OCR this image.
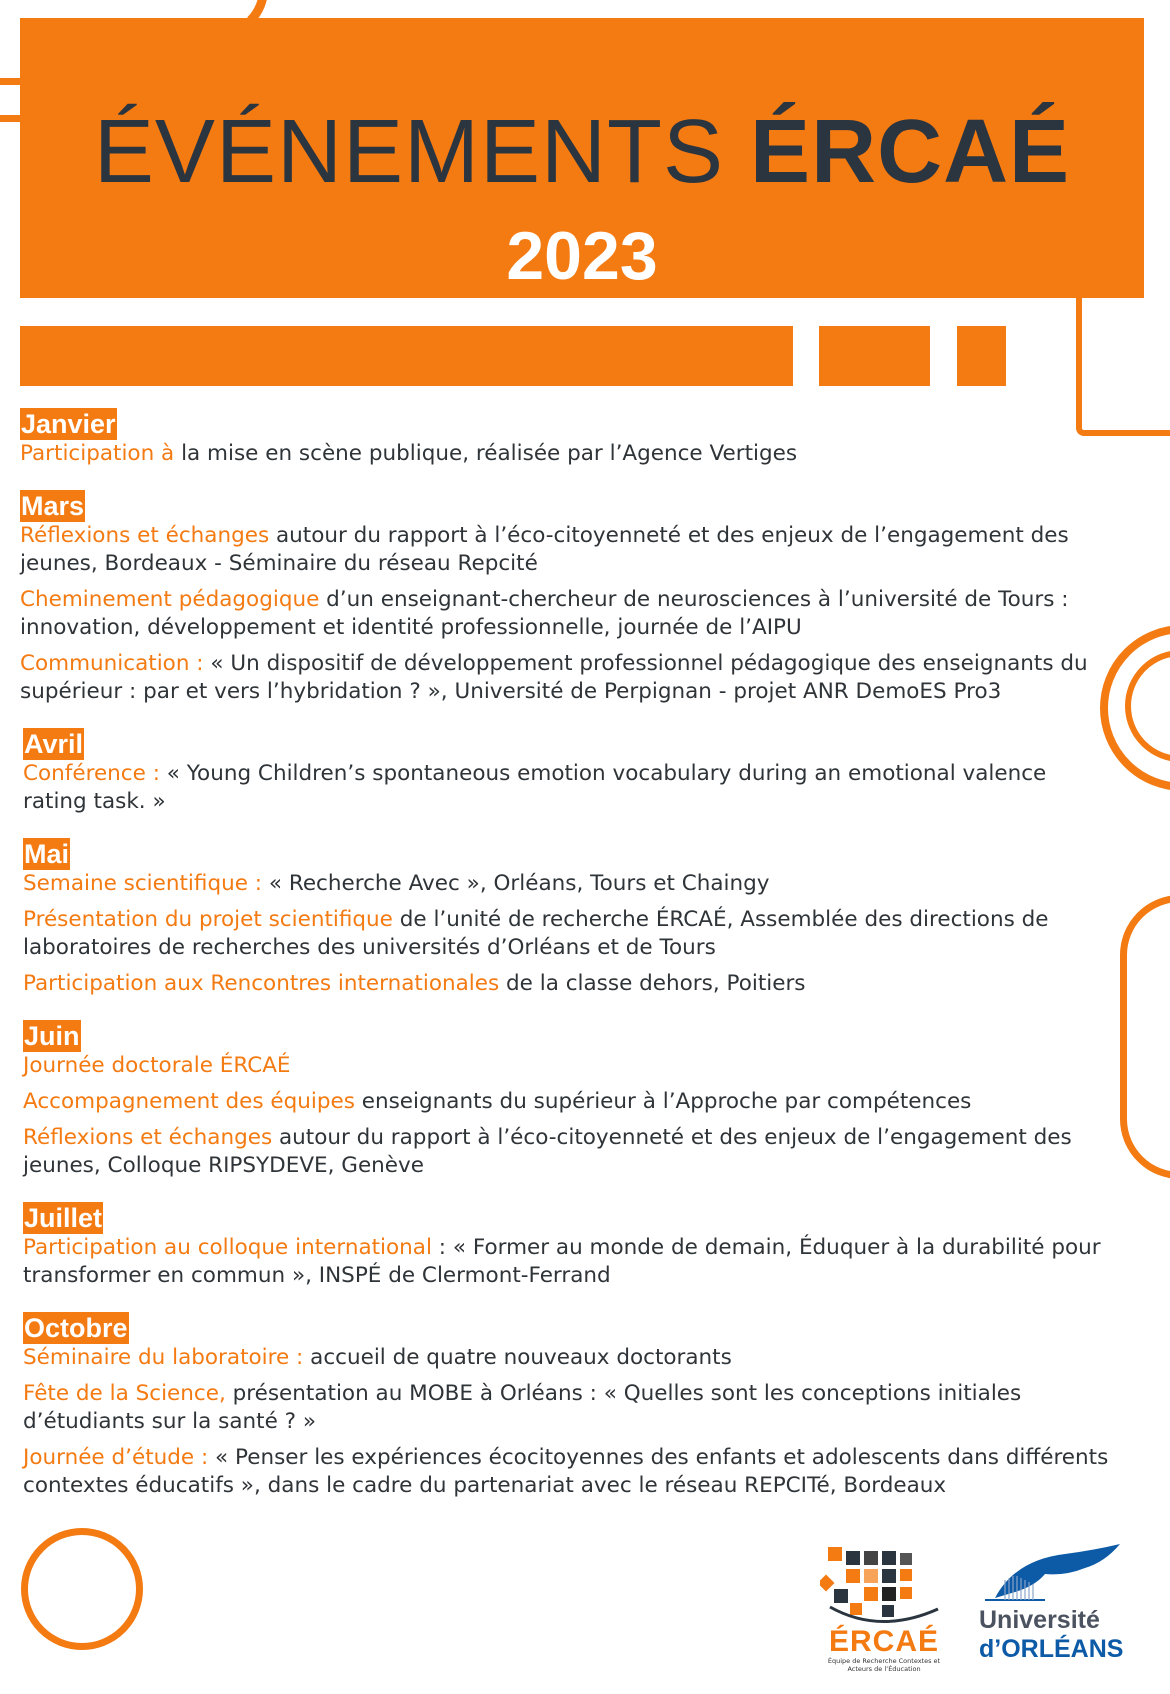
ÉVÉNEMENTS ÉRCAÉ
2023
Janvier

Participation à la mise en scène publique, réalisée par l’Agence Vertiges

Mars

Réflexions et échanges autour du rapport à l’éco-citoyenneté et des enjeux de l’engagement des jeunes, Bordeaux - Séminaire du réseau Repcité

Cheminement pédagogique d’un enseignant-chercheur de neurosciences à l’université de Tours : innovation, développement et identité professionnelle, journée de l’AIPU

Communication : « Un dispositif de développement professionnel pédagogique des enseignants du supérieur : par et vers l’hybridation ? », Université de Perpignan - projet ANR DemoES Pro3

Avril

Conférence : « Young Children’s spontaneous emotion vocabulary during an emotional valence rating task. »

Mai

Semaine scientifique : « Recherche Avec », Orléans, Tours et Chaingy

Présentation du projet scientifique de l’unité de recherche ÉRCAÉ, Assemblée des directions de laboratoires de recherches des universités d’Orléans et de Tours

Participation aux Rencontres internationales de la classe dehors, Poitiers

Juin

Journée doctorale ÉRCAÉ

Accompagnement des équipes enseignants du supérieur à l’Approche par compétences

Réflexions et échanges autour du rapport à l’éco-citoyenneté et des enjeux de l’engagement des jeunes, Colloque RIPSYDEVE, Genève

Juillet

Participation au colloque international : « Former au monde de demain, Éduquer à la durabilité pour transformer en commun », INSPÉ de Clermont-Ferrand

Octobre

Séminaire du laboratoire : accueil de quatre nouveaux doctorants

Fête de la Science, présentation au MOBE à Orléans : « Quelles sont les conceptions initiales d’étudiants sur la santé ? »

Journée d’étude : « Penser les expériences écocitoyennes des enfants et adolescents dans différents contextes éducatifs », dans le cadre du partenariat avec le réseau REPCITé, Bordeaux

ÉRCAÉ
Équipe de Recherche Contextes et Acteurs de l’Éducation
Université
d’ORLÉANS
